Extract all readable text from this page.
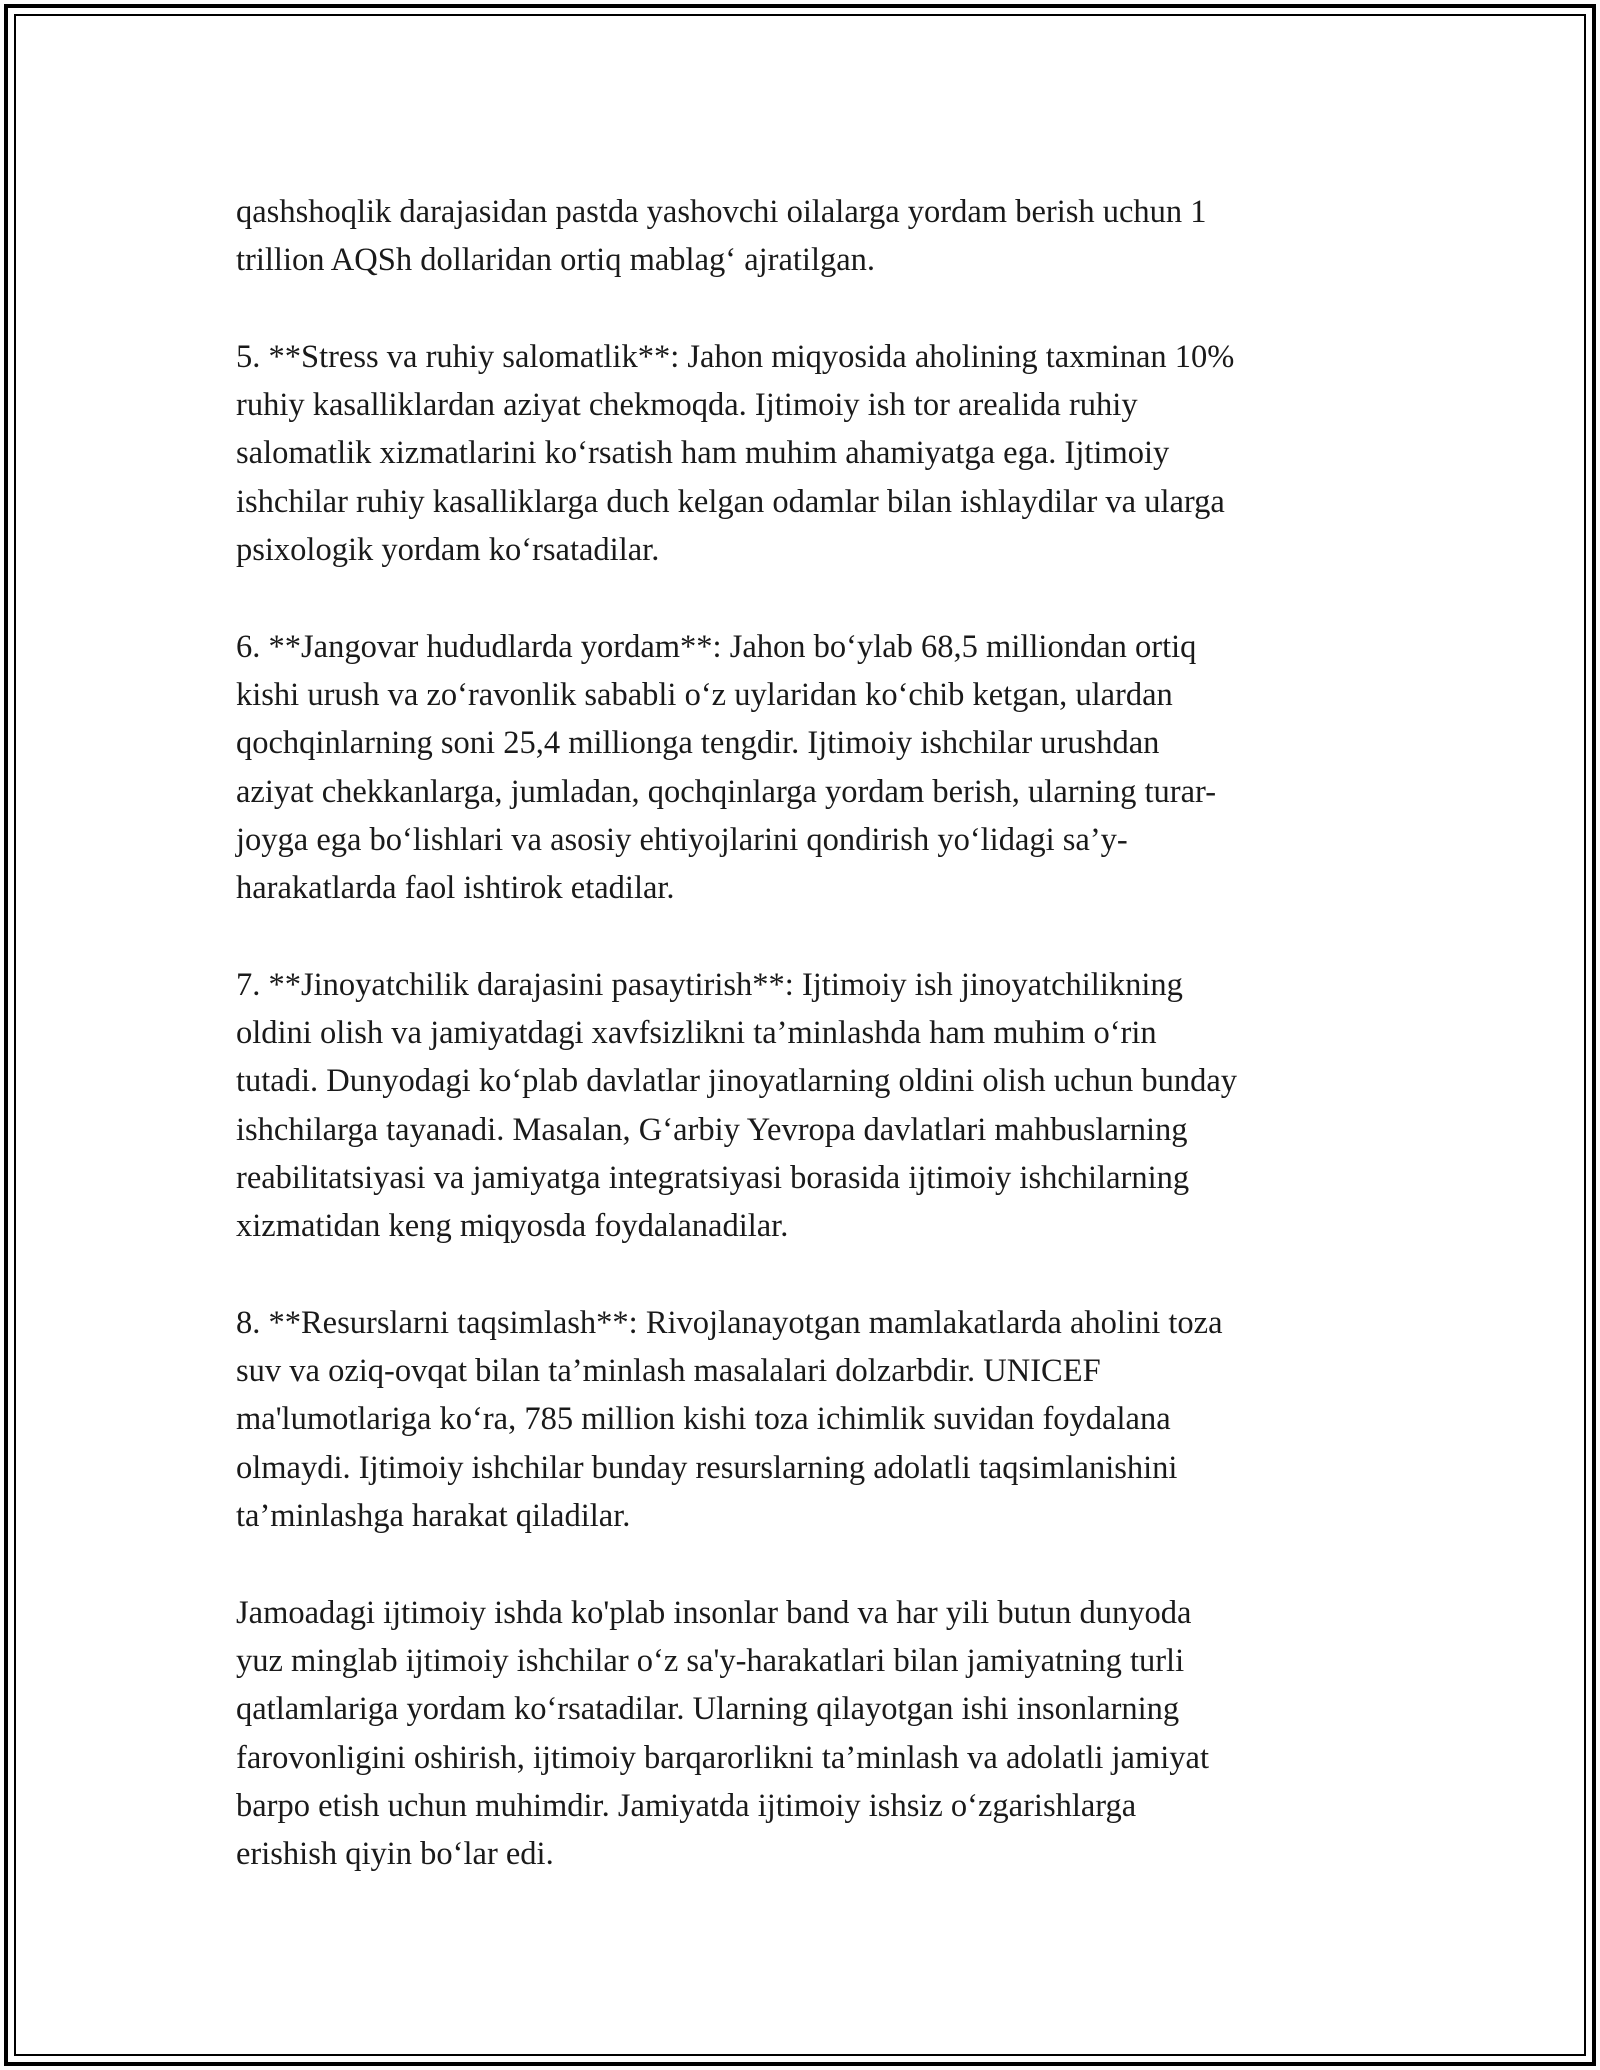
qashshoqlik darajasidan pastda yashovchi oilalarga yordam berish uchun 1
trillion AQSh dollaridan ortiq mablag‘ ajratilgan.

5. **Stress va ruhiy salomatlik**: Jahon miqyosida aholining taxminan 10%
ruhiy kasalliklardan aziyat chekmoqda. Ijtimoiy ish tor arealida ruhiy
salomatlik xizmatlarini ko‘rsatish ham muhim ahamiyatga ega. Ijtimoiy
ishchilar ruhiy kasalliklarga duch kelgan odamlar bilan ishlaydilar va ularga
psixologik yordam ko‘rsatadilar.

6. **Jangovar hududlarda yordam**: Jahon bo‘ylab 68,5 milliondan ortiq
kishi urush va zo‘ravonlik sababli o‘z uylaridan ko‘chib ketgan, ulardan
qochqinlarning soni 25,4 millionga tengdir. Ijtimoiy ishchilar urushdan
aziyat chekkanlarga, jumladan, qochqinlarga yordam berish, ularning turar-
joyga ega bo‘lishlari va asosiy ehtiyojlarini qondirish yo‘lidagi sa’y-
harakatlarda faol ishtirok etadilar.

7. **Jinoyatchilik darajasini pasaytirish**: Ijtimoiy ish jinoyatchilikning
oldini olish va jamiyatdagi xavfsizlikni ta’minlashda ham muhim o‘rin
tutadi. Dunyodagi ko‘plab davlatlar jinoyatlarning oldini olish uchun bunday
ishchilarga tayanadi. Masalan, G‘arbiy Yevropa davlatlari mahbuslarning
reabilitatsiyasi va jamiyatga integratsiyasi borasida ijtimoiy ishchilarning
xizmatidan keng miqyosda foydalanadilar.

8. **Resurslarni taqsimlash**: Rivojlanayotgan mamlakatlarda aholini toza
suv va oziq-ovqat bilan ta’minlash masalalari dolzarbdir. UNICEF
ma'lumotlariga ko‘ra, 785 million kishi toza ichimlik suvidan foydalana
olmaydi. Ijtimoiy ishchilar bunday resurslarning adolatli taqsimlanishini
ta’minlashga harakat qiladilar.

Jamoadagi ijtimoiy ishda ko'plab insonlar band va har yili butun dunyoda
yuz minglab ijtimoiy ishchilar o‘z sa'y-harakatlari bilan jamiyatning turli
qatlamlariga yordam ko‘rsatadilar. Ularning qilayotgan ishi insonlarning
farovonligini oshirish, ijtimoiy barqarorlikni ta’minlash va adolatli jamiyat
barpo etish uchun muhimdir. Jamiyatda ijtimoiy ishsiz o‘zgarishlarga
erishish qiyin bo‘lar edi.
